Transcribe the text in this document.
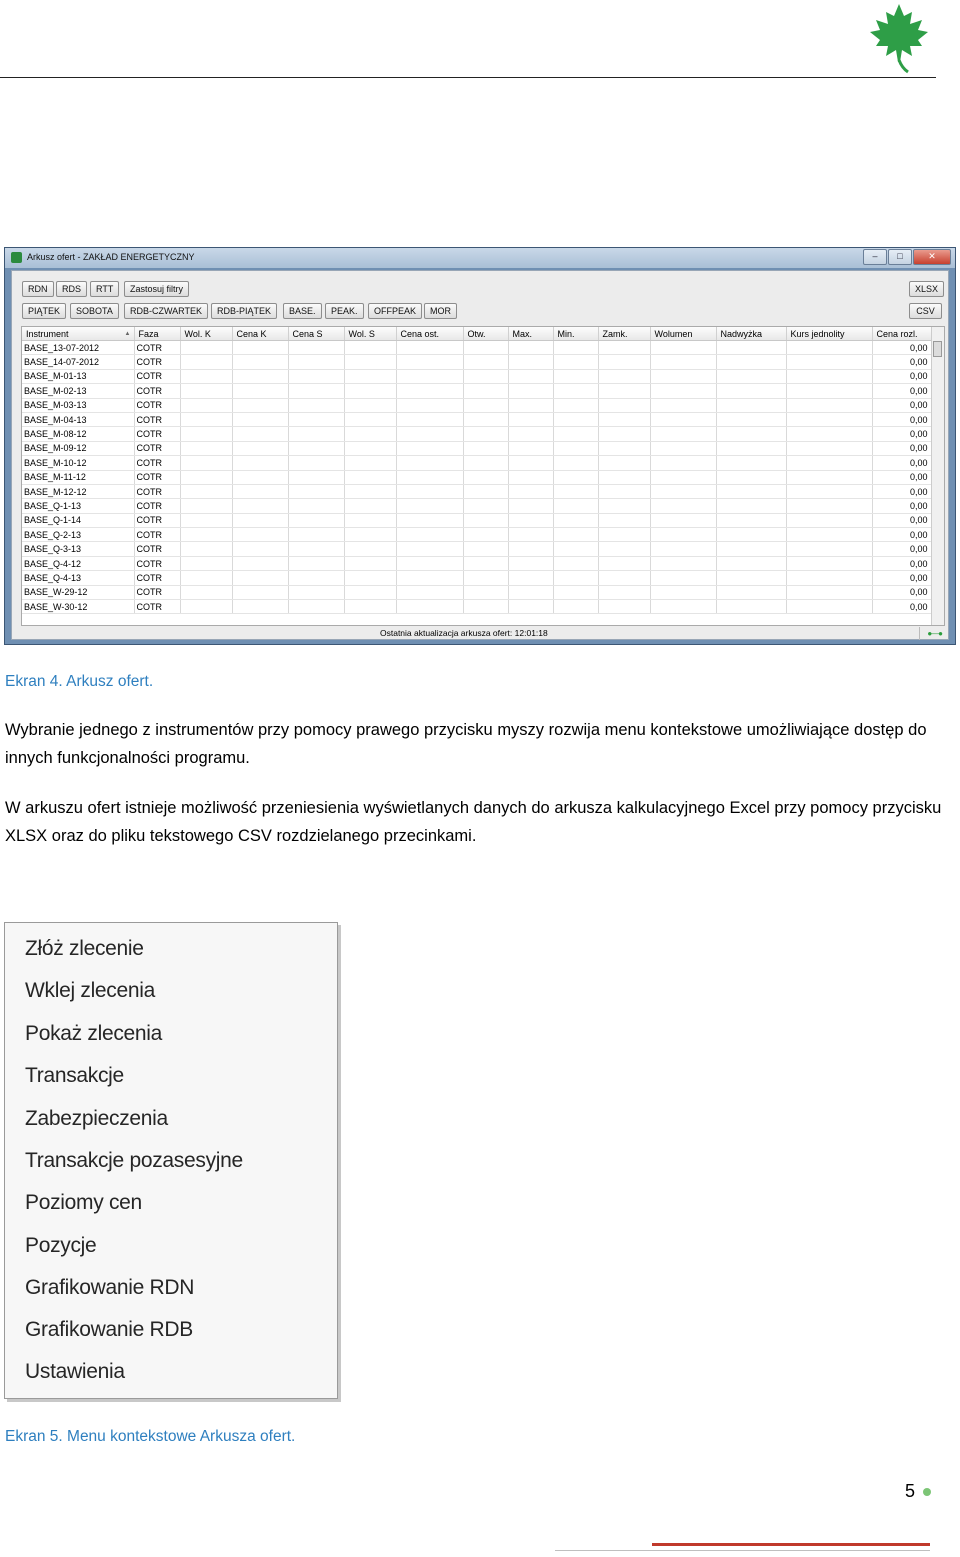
Arkusz ofert - ZAKŁAD ENERGETYCZNY	–	□	✕
RDN	RDS	RTT	Zastosuj filtry
PIĄTEK	SOBOTA	RDB-CZWARTEK	RDB-PIĄTEK	BASE.	PEAK.	OFFPEAK	MOR
XLSX
CSV
Instrument ▲	Faza	Wol. K	Cena K	Cena S	Wol. S	Cena ost.	Otw.	Max.	Min.	Zamk.	Wolumen	Nadwyżka	Kurs jednolity	Cena rozl.
BASE_13-07-2012	COTR													0,00
BASE_14-07-2012	COTR													0,00
BASE_M-01-13	COTR													0,00
BASE_M-02-13	COTR													0,00
BASE_M-03-13	COTR													0,00
BASE_M-04-13	COTR													0,00
BASE_M-08-12	COTR													0,00
BASE_M-09-12	COTR													0,00
BASE_M-10-12	COTR													0,00
BASE_M-11-12	COTR													0,00
BASE_M-12-12	COTR													0,00
BASE_Q-1-13	COTR													0,00
BASE_Q-1-14	COTR													0,00
BASE_Q-2-13	COTR													0,00
BASE_Q-3-13	COTR													0,00
BASE_Q-4-12	COTR													0,00
BASE_Q-4-13	COTR													0,00
BASE_W-29-12	COTR													0,00
BASE_W-30-12	COTR													0,00
Ostatnia aktualizacja arkusza ofert: 12:01:18	●—●
Ekran 4. Arkusz ofert.
Wybranie jednego z instrumentów przy pomocy prawego przycisku myszy rozwija menu kontekstowe umożliwiające dostęp do innych funkcjonalności programu.
W arkuszu ofert istnieje możliwość przeniesienia wyświetlanych danych do arkusza kalkulacyjnego Excel przy pomocy przycisku XLSX oraz do pliku tekstowego CSV rozdzielanego przecinkami.
Złóż zlecenie
Wklej zlecenia
Pokaż zlecenia
Transakcje
Zabezpieczenia
Transakcje pozasesyjne
Poziomy cen
Pozycje
Grafikowanie RDN
Grafikowanie RDB
Ustawienia
Ekran 5. Menu kontekstowe Arkusza ofert.
5
